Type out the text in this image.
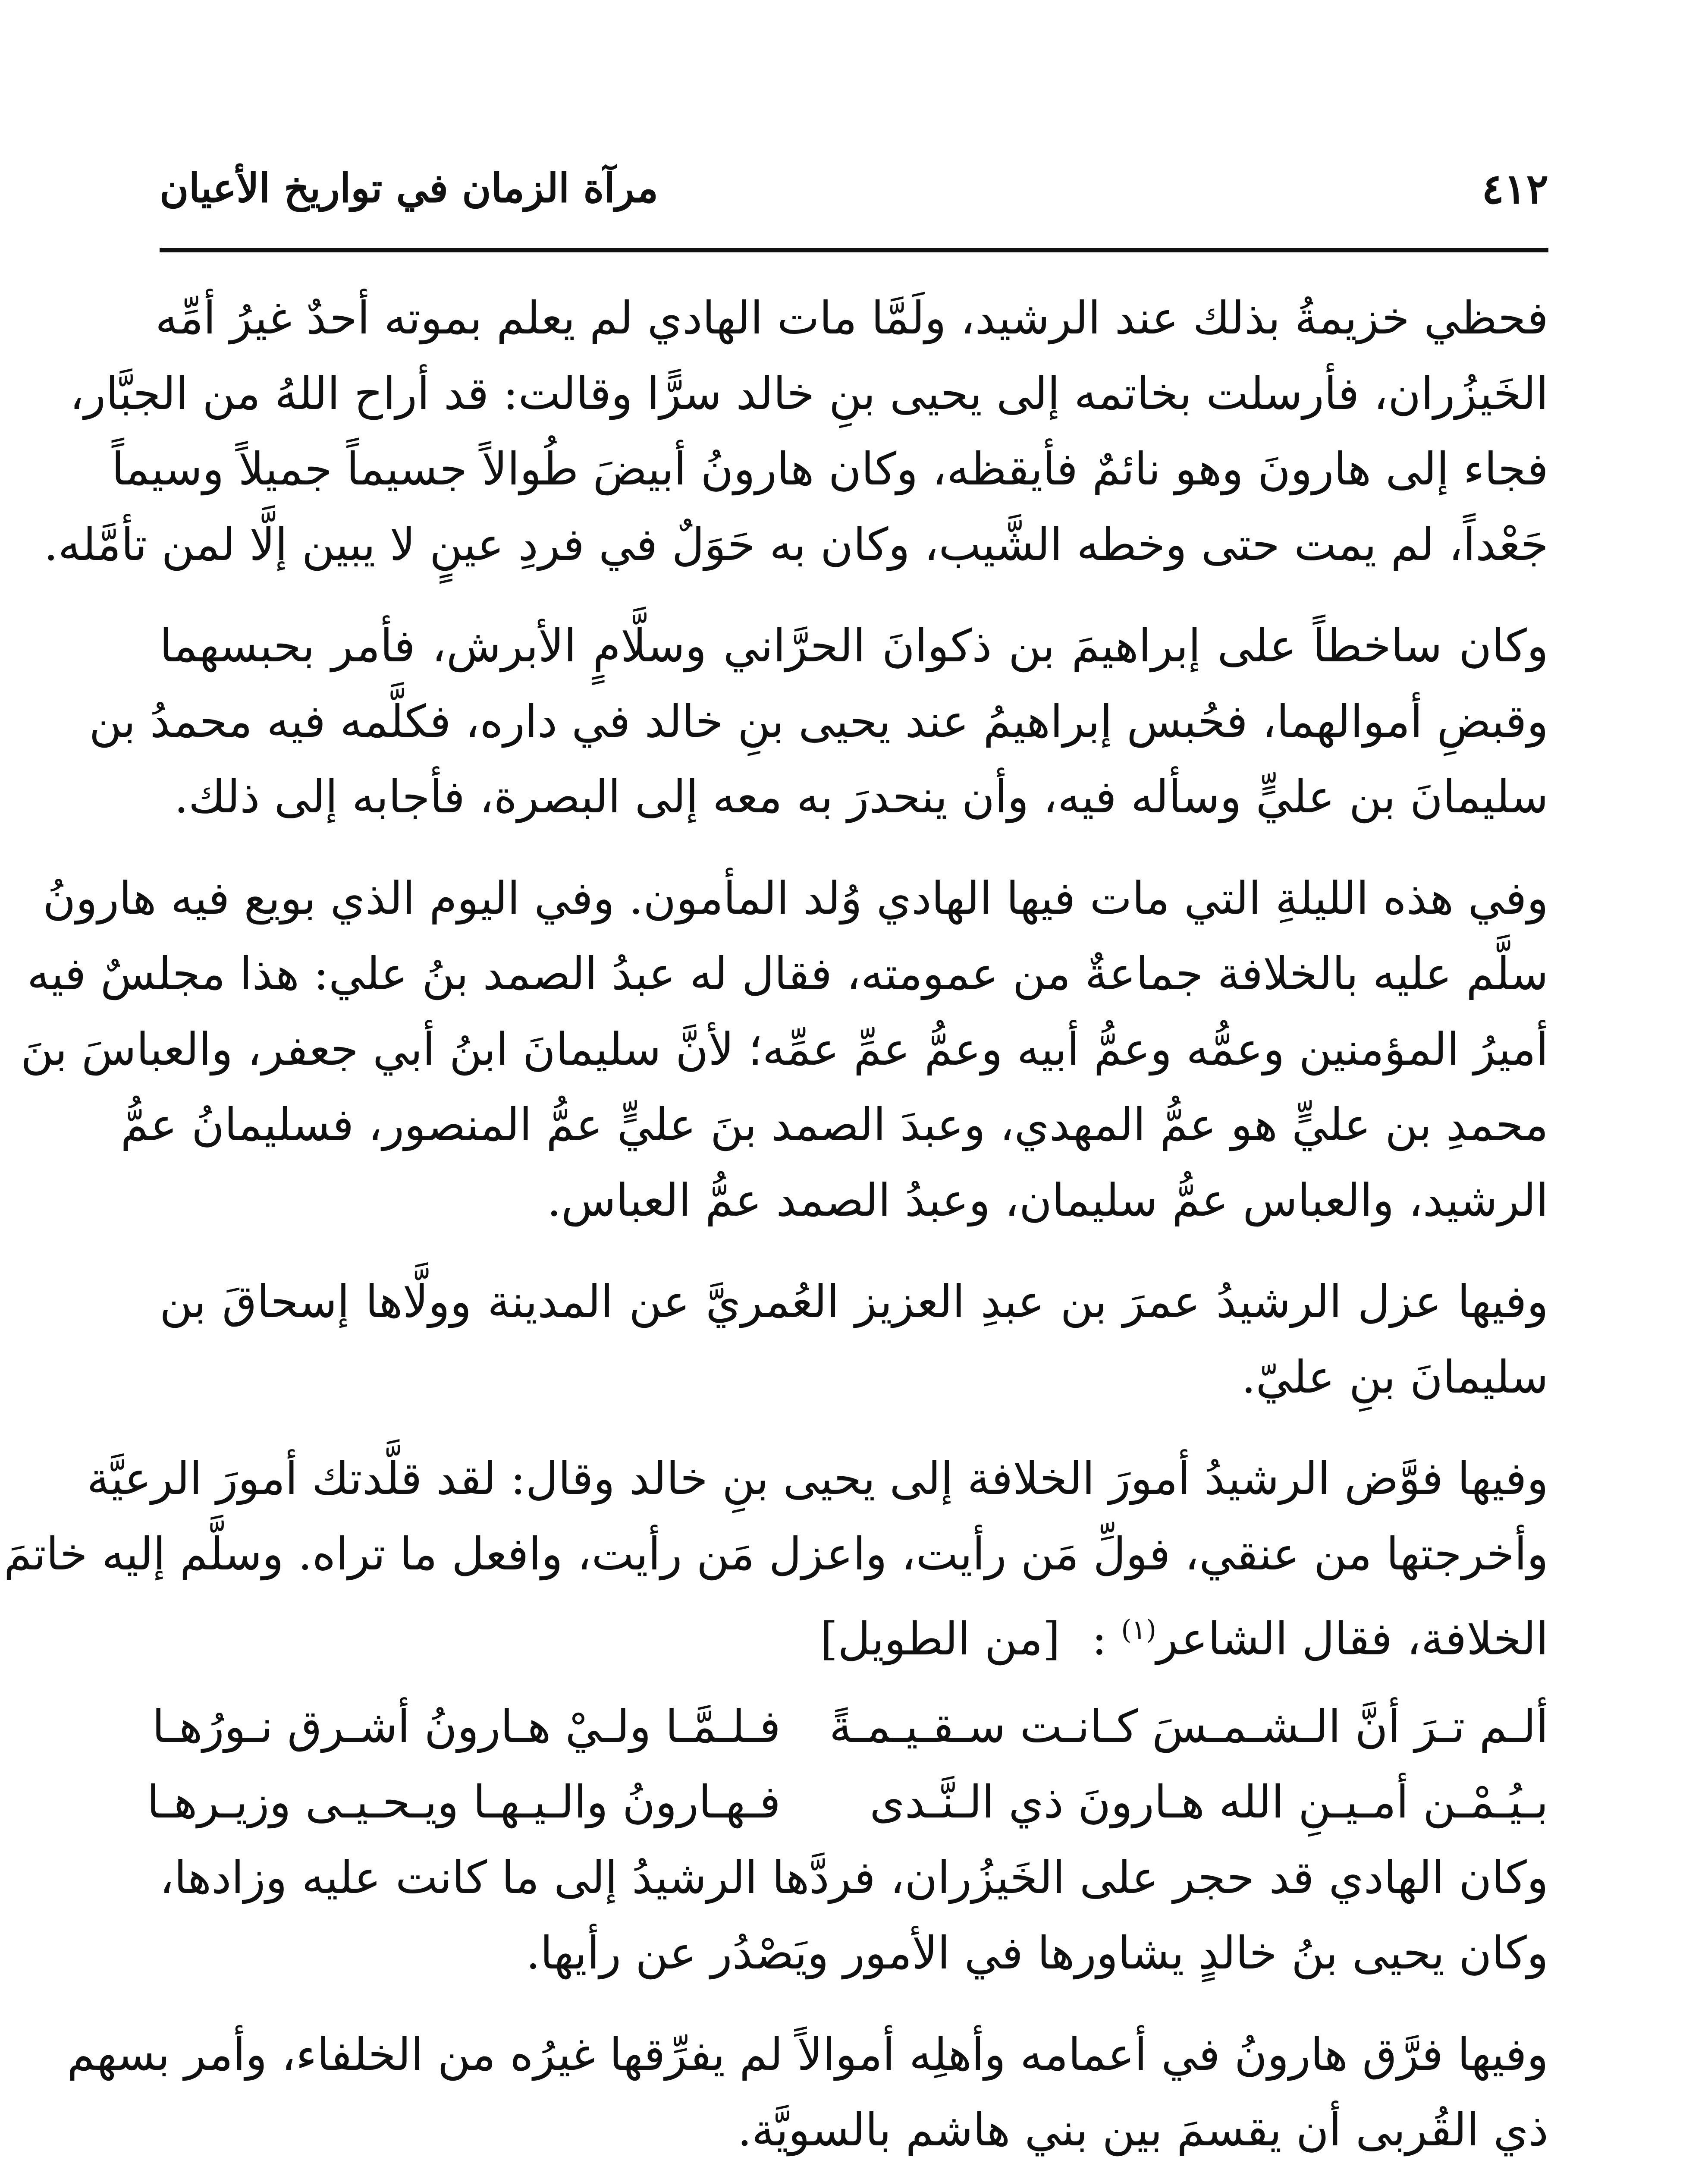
٤١٢
مرآة الزمان في تواريخ الأعيان

فحظي خزيمةُ بذلك عند الرشيد، ولَمَّا مات الهادي لم يعلم بموته أحدٌ غيرُ أمِّه
الخَيزُران، فأرسلت بخاتمه إلى يحيى بنِ خالد سرًّا وقالت: قد أراح اللهُ من الجبَّار،
فجاء إلى هارونَ وهو نائمٌ فأيقظه، وكان هارونُ أبيضَ طُوالاً جسيماً جميلاً وسيماً
جَعْداً، لم يمت حتى وخطه الشَّيب، وكان به حَوَلٌ في فردِ عينٍ لا يبين إلَّا لمن تأمَّله.

وكان ساخطاً على إبراهيمَ بن ذكوانَ الحرَّاني وسلَّامٍ الأبرش، فأمر بحبسهما
وقبضِ أموالهما، فحُبس إبراهيمُ عند يحيى بنِ خالد في داره، فكلَّمه فيه محمدُ بن
سليمانَ بن عليٍّ وسأله فيه، وأن ينحدرَ به معه إلى البصرة، فأجابه إلى ذلك.

وفي هذه الليلةِ التي مات فيها الهادي وُلد المأمون. وفي اليوم الذي بويع فيه هارونُ
سلَّم عليه بالخلافة جماعةٌ من عمومته، فقال له عبدُ الصمد بنُ علي: هذا مجلسٌ فيه
أميرُ المؤمنين وعمُّه وعمُّ أبيه وعمُّ عمِّ عمِّه؛ لأنَّ سليمانَ ابنُ أبي جعفر، والعباسَ بنَ
محمدِ بن عليٍّ هو عمُّ المهدي، وعبدَ الصمد بنَ عليٍّ عمُّ المنصور، فسليمانُ عمُّ
الرشيد، والعباس عمُّ سليمان، وعبدُ الصمد عمُّ العباس.

وفيها عزل الرشيدُ عمرَ بن عبدِ العزيز العُمريَّ عن المدينة وولَّاها إسحاقَ بن
سليمانَ بنِ عليّ.

وفيها فوَّض الرشيدُ أمورَ الخلافة إلى يحيى بنِ خالد وقال: لقد قلَّدتك أمورَ الرعيَّة
وأخرجتها من عنقي، فولِّ مَن رأيت، واعزل مَن رأيت، وافعل ما تراه. وسلَّم إليه خاتمَ
الخلافة، فقال الشاعر$^{(١)}$ : [من الطويل]

ألـم تـرَ أنَّ الـشـمـسَ كـانـت سـقـيـمـةً
فـلـمَّـا ولـيْ هـارونُ أشـرق نـورُهـا
بـيُـمْـن أمـيـنِ الله هـارونَ ذي الـنَّـدى
فـهـارونُ والـيـهـا ويـحـيـى وزيـرهـا

وكان الهادي قد حجر على الخَيزُران، فردَّها الرشيدُ إلى ما كانت عليه وزادها،
وكان يحيى بنُ خالدٍ يشاورها في الأمور ويَصْدُر عن رأيها.

وفيها فرَّق هارونُ في أعمامه وأهلِه أموالاً لم يفرِّقها غيرُه من الخلفاء، وأمر بسهم
ذي القُربى أن يقسمَ بين بني هاشمٍ بالسويَّة.
